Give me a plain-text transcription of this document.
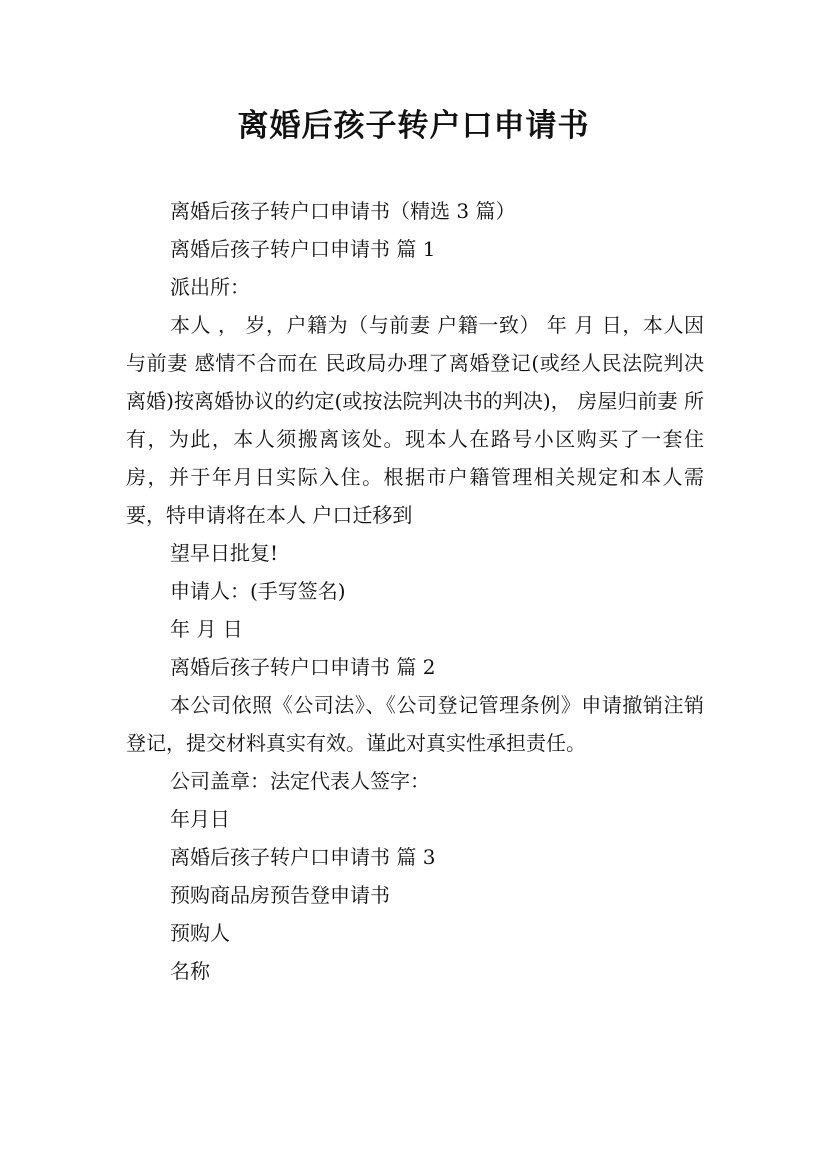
离婚后孩子转户口申请书

离婚后孩子转户口申请书（精选 3 篇）

离婚后孩子转户口申请书 篇 1

派出所：

本人 ， 岁，户籍为（与前妻 户籍一致） 年 月 日，本人因与前妻 感情不合而在 民政局办理了离婚登记(或经人民法院判决离婚)按离婚协议的约定(或按法院判决书的判决)， 房屋归前妻 所有，为此，本人须搬离该处。现本人在路号小区购买了一套住房，并于年月日实际入住。根据市户籍管理相关规定和本人需要，特申请将在本人 户口迁移到

望早日批复!

申请人：(手写签名)

年 月 日

离婚后孩子转户口申请书 篇 2

本公司依照《公司法》、《公司登记管理条例》申请撤销注销登记，提交材料真实有效。谨此对真实性承担责任。

公司盖章：法定代表人签字：

年月日

离婚后孩子转户口申请书 篇 3

预购商品房预告登申请书

预购人

名称
